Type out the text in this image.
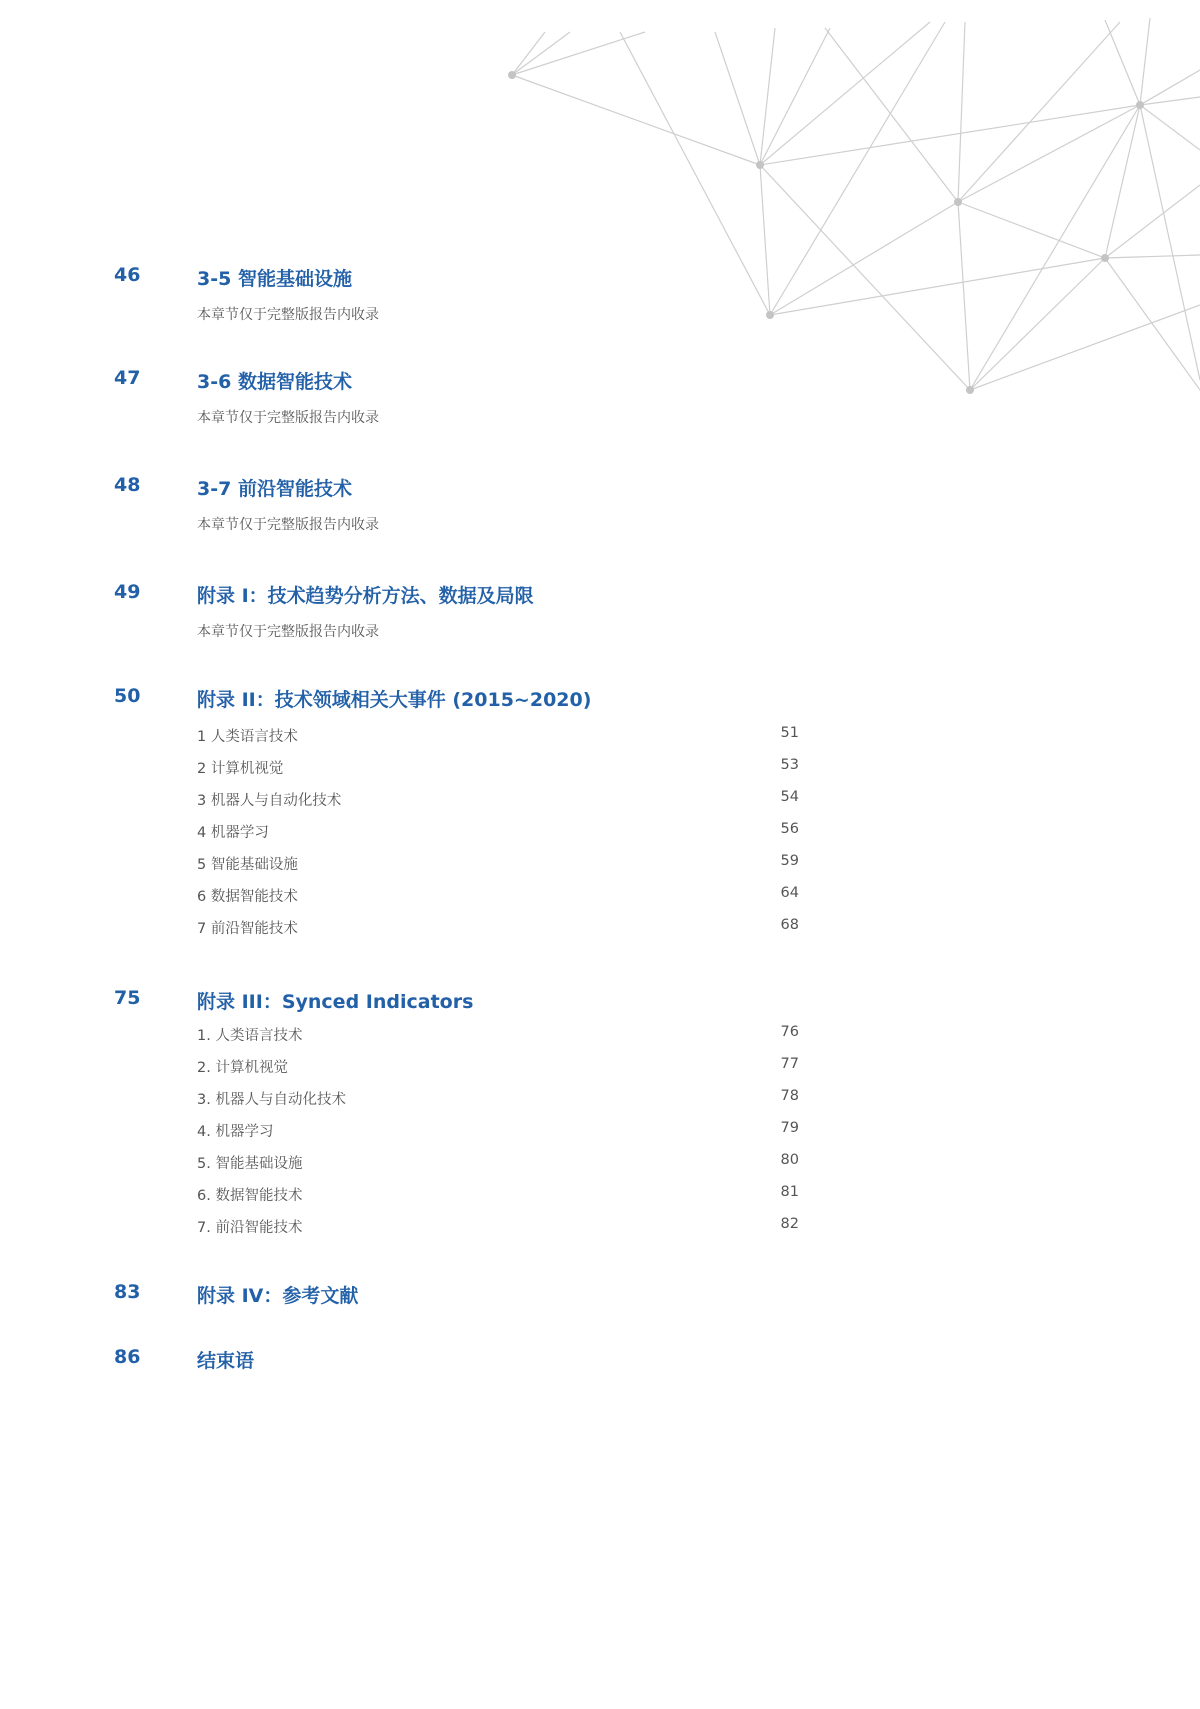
46	3-5 智能基础设施
本章节仅于完整版报告内收录
47	3-6 数据智能技术
本章节仅于完整版报告内收录
48	3-7 前沿智能技术
本章节仅于完整版报告内收录
49	附录 I：技术趋势分析方法、数据及局限
本章节仅于完整版报告内收录
50	附录 II：技术领域相关大事件 (2015~2020)
1 人类语言技术	51
2 计算机视觉	53
3 机器人与自动化技术	54
4 机器学习	56
5 智能基础设施	59
6 数据智能技术	64
7 前沿智能技术	68
75	附录 III：Synced Indicators
1. 人类语言技术	76
2. 计算机视觉	77
3. 机器人与自动化技术	78
4. 机器学习	79
5. 智能基础设施	80
6. 数据智能技术	81
7. 前沿智能技术	82
83	附录 IV：参考文献
86	结束语
